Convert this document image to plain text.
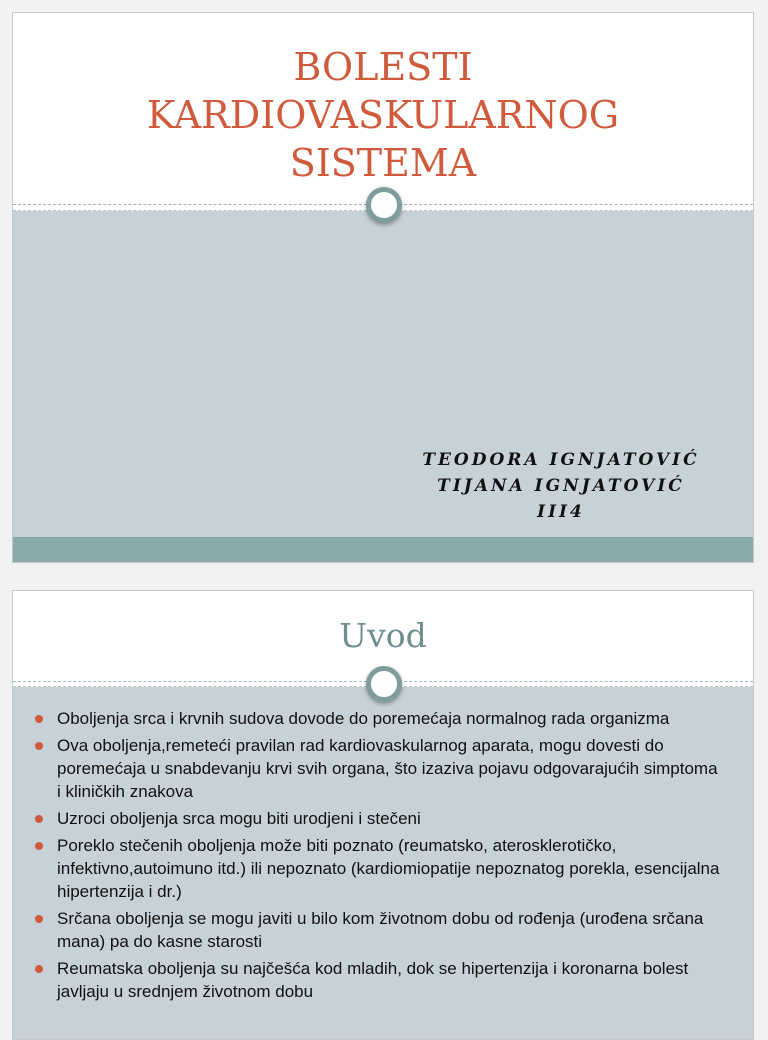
BOLESTI
KARDIOVASKULARNOG
SISTEMA
TEODORA IGNJATOVIĆ
TIJANA IGNJATOVIĆ
III4
Uvod
Oboljenja srca i krvnih sudova dovode do poremećaja normalnog rada organizma
Ova oboljenja,remeteći pravilan rad kardiovaskularnog aparata, mogu dovesti do poremećaja u snabdevanju krvi svih organa, što izaziva pojavu odgovarajućih simptoma i kliničkih znakova
Uzroci oboljenja srca mogu biti urodjeni i stečeni
Poreklo stečenih oboljenja može biti poznato (reumatsko, aterosklerotičko, infektivno,autoimuno itd.) ili nepoznato (kardiomiopatije nepoznatog porekla, esencijalna hipertenzija i dr.)
Srčana oboljenja se mogu javiti u bilo kom životnom dobu od rođenja (urođena srčana mana) pa do kasne starosti
Reumatska oboljenja su najčešća kod mladih, dok se hipertenzija i koronarna bolest javljaju u srednjem životnom dobu
